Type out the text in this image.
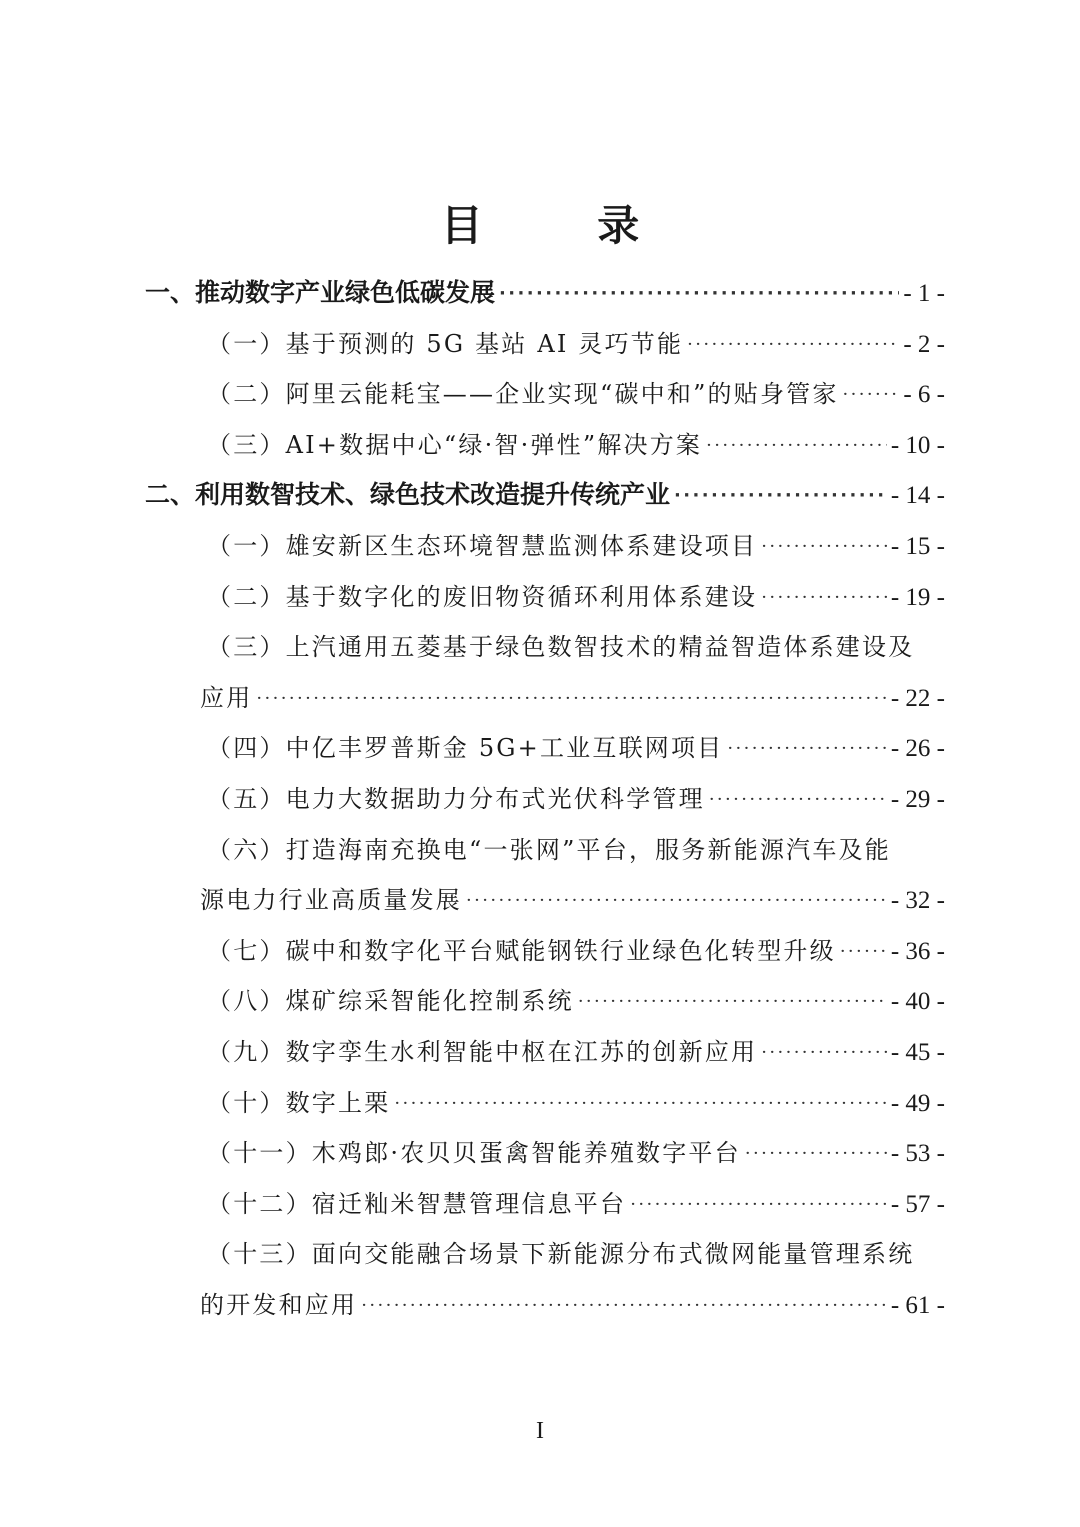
目 录
一、推动数字产业绿色低碳发展 ·····	- 1 -
（一）基于预测的 5G 基站 AI 灵巧节能 ·····	- 2 -
（二）阿里云能耗宝——企业实现“碳中和”的贴身管家 ·····	- 6 -
（三）AI+数据中心“绿·智·弹性”解决方案 ·····	- 10 -
二、利用数智技术、绿色技术改造提升传统产业 ·····	- 14 -
（一）雄安新区生态环境智慧监测体系建设项目 ·····	- 15 -
（二）基于数字化的废旧物资循环利用体系建设 ·····	- 19 -
（三）上汽通用五菱基于绿色数智技术的精益智造体系建设及
应用 ·····	- 22 -
（四）中亿丰罗普斯金 5G+工业互联网项目 ·····	- 26 -
（五）电力大数据助力分布式光伏科学管理 ·····	- 29 -
（六）打造海南充换电“一张网”平台，服务新能源汽车及能
源电力行业高质量发展 ·····	- 32 -
（七）碳中和数字化平台赋能钢铁行业绿色化转型升级 ····· - 36 -
（八）煤矿综采智能化控制系统 ·····	- 40 -
（九）数字孪生水利智能中枢在江苏的创新应用 ·····	- 45 -
（十）数字上栗 ·····	- 49 -
（十一）木鸡郎·农贝贝蛋禽智能养殖数字平台 ·····	- 53 -
（十二）宿迁籼米智慧管理信息平台 ·····	- 57 -
（十三）面向交能融合场景下新能源分布式微网能量管理系统
的开发和应用 ·····	- 61 -
I
